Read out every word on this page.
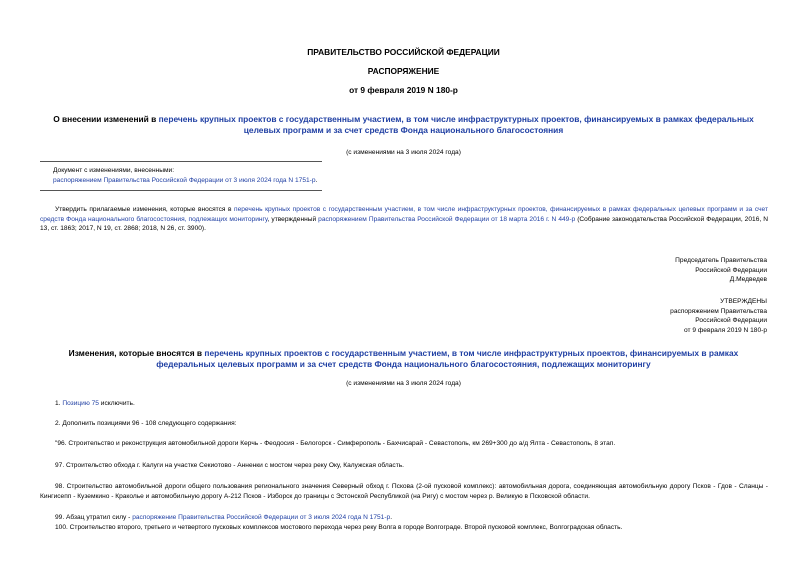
ПРАВИТЕЛЬСТВО РОССИЙСКОЙ ФЕДЕРАЦИИ
РАСПОРЯЖЕНИЕ
от 9 февраля 2019 N 180-р
О внесении изменений в перечень крупных проектов с государственным участием, в том числе инфраструктурных проектов, финансируемых в рамках федеральных целевых программ и за счет средств Фонда национального благосостояния
(с изменениями на 3 июля 2024 года)
Документ с изменениями, внесенными:
распоряжением Правительства Российской Федерации от 3 июля 2024 года N 1751-р.
Утвердить прилагаемые изменения, которые вносятся в перечень крупных проектов с государственным участием, в том числе инфраструктурных проектов, финансируемых в рамках федеральных целевых программ и за счет средств Фонда национального благосостояния, подлежащих мониторингу, утвержденный распоряжением Правительства Российской Федерации от 18 марта 2016 г. N 449-р (Собрание законодательства Российской Федерации, 2016, N 13, ст. 1863; 2017, N 19, ст. 2868; 2018, N 26, ст. 3900).
Председатель Правительства
Российской Федерации
Д.Медведев
УТВЕРЖДЕНЫ
распоряжением Правительства
Российской Федерации
от 9 февраля 2019 N 180-р
Изменения, которые вносятся в перечень крупных проектов с государственным участием, в том числе инфраструктурных проектов, финансируемых в рамках федеральных целевых программ и за счет средств Фонда национального благосостояния, подлежащих мониторингу
(с изменениями на 3 июля 2024 года)
1. Позицию 75 исключить.
2. Дополнить позициями 96 - 108 следующего содержания:
"96. Строительство и реконструкция автомобильной дороги Керчь - Феодосия - Белогорск - Симферополь - Бахчисарай - Севастополь, км 269+300 до а/д Ялта - Севастополь, 8 этап.
97. Строительство обхода г. Калуги на участке Секиотово - Анненки с мостом через реку Оку, Калужская область.
98. Строительство автомобильной дороги общего пользования регионального значения Северный обход г. Пскова (2-ой пусковой комплекс): автомобильная дорога, соединяющая автомобильную дорогу Псков - Гдов - Сланцы - Кингисепп - Куземкино - Краколье и автомобильную дорогу А-212 Псков - Изборск до границы с Эстонской Республикой (на Ригу) с мостом через р. Великую в Псковской области.
99. Абзац утратил силу - распоряжение Правительства Российской Федерации от 3 июля 2024 года N 1751-р.
100. Строительство второго, третьего и четвертого пусковых комплексов мостового перехода через реку Волга в городе Волгограде. Второй пусковой комплекс, Волгоградская область.
